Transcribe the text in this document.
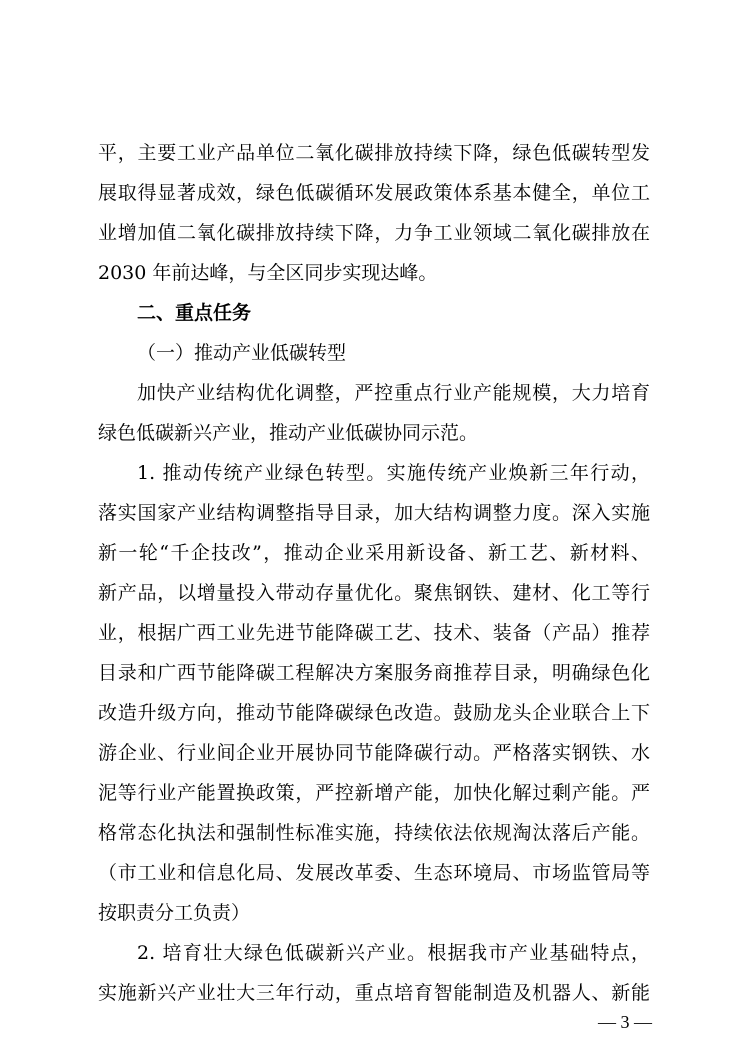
平，主要工业产品单位二氧化碳排放持续下降，绿色低碳转型发
展取得显著成效，绿色低碳循环发展政策体系基本健全，单位工
业增加值二氧化碳排放持续下降，力争工业领域二氧化碳排放在
2030 年前达峰，与全区同步实现达峰。
二、重点任务
（一）推动产业低碳转型
加快产业结构优化调整，严控重点行业产能规模，大力培育
绿色低碳新兴产业，推动产业低碳协同示范。
1. 推动传统产业绿色转型。实施传统产业焕新三年行动，
落实国家产业结构调整指导目录，加大结构调整力度。深入实施
新一轮“千企技改”，推动企业采用新设备、新工艺、新材料、
新产品，以增量投入带动存量优化。聚焦钢铁、建材、化工等行
业，根据广西工业先进节能降碳工艺、技术、装备（产品）推荐
目录和广西节能降碳工程解决方案服务商推荐目录，明确绿色化
改造升级方向，推动节能降碳绿色改造。鼓励龙头企业联合上下
游企业、行业间企业开展协同节能降碳行动。严格落实钢铁、水
泥等行业产能置换政策，严控新增产能，加快化解过剩产能。严
格常态化执法和强制性标准实施，持续依法依规淘汰落后产能。
（市工业和信息化局、发展改革委、生态环境局、市场监管局等
按职责分工负责）
2. 培育壮大绿色低碳新兴产业。根据我市产业基础特点，
实施新兴产业壮大三年行动，重点培育智能制造及机器人、新能
— 3 —
